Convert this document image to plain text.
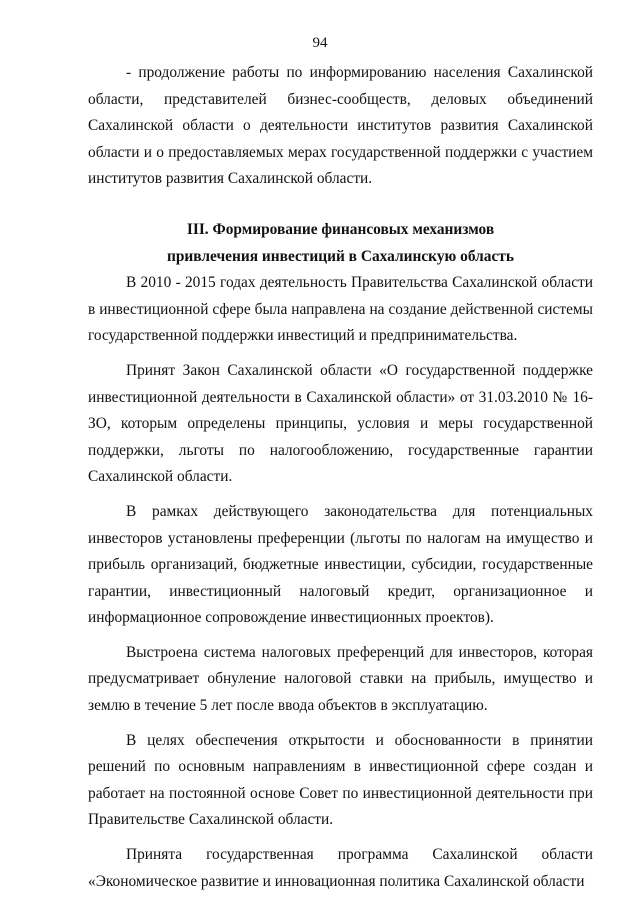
94

- продолжение работы по информированию населения Сахалинской области, представителей бизнес-сообществ, деловых объединений Сахалинской области о деятельности институтов развития Сахалинской области и о предоставляемых мерах государственной поддержки с участием институтов развития Сахалинской области.

III. Формирование финансовых механизмов

привлечения инвестиций в Сахалинскую область

В 2010 - 2015 годах деятельность Правительства Сахалинской области в инвестиционной сфере была направлена на создание действенной системы государственной поддержки инвестиций и предпринимательства.

Принят Закон Сахалинской области «О государственной поддержке инвестиционной деятельности в Сахалинской области» от 31.03.2010 № 16-ЗО, которым определены принципы, условия и меры государственной поддержки, льготы по налогообложению, государственные гарантии Сахалинской области.

В рамках действующего законодательства для потенциальных инвесторов установлены преференции (льготы по налогам на имущество и прибыль организаций, бюджетные инвестиции, субсидии, государственные гарантии, инвестиционный налоговый кредит, организационное и информационное сопровождение инвестиционных проектов).

Выстроена система налоговых преференций для инвесторов, которая предусматривает обнуление налоговой ставки на прибыль, имущество и землю в течение 5 лет после ввода объектов в эксплуатацию.

В целях обеспечения открытости и обоснованности в принятии решений по основным направлениям в инвестиционной сфере создан и работает на постоянной основе Совет по инвестиционной деятельности при Правительстве Сахалинской области.

Принята государственная программа Сахалинской области «Экономическое развитие и инновационная политика Сахалинской области
